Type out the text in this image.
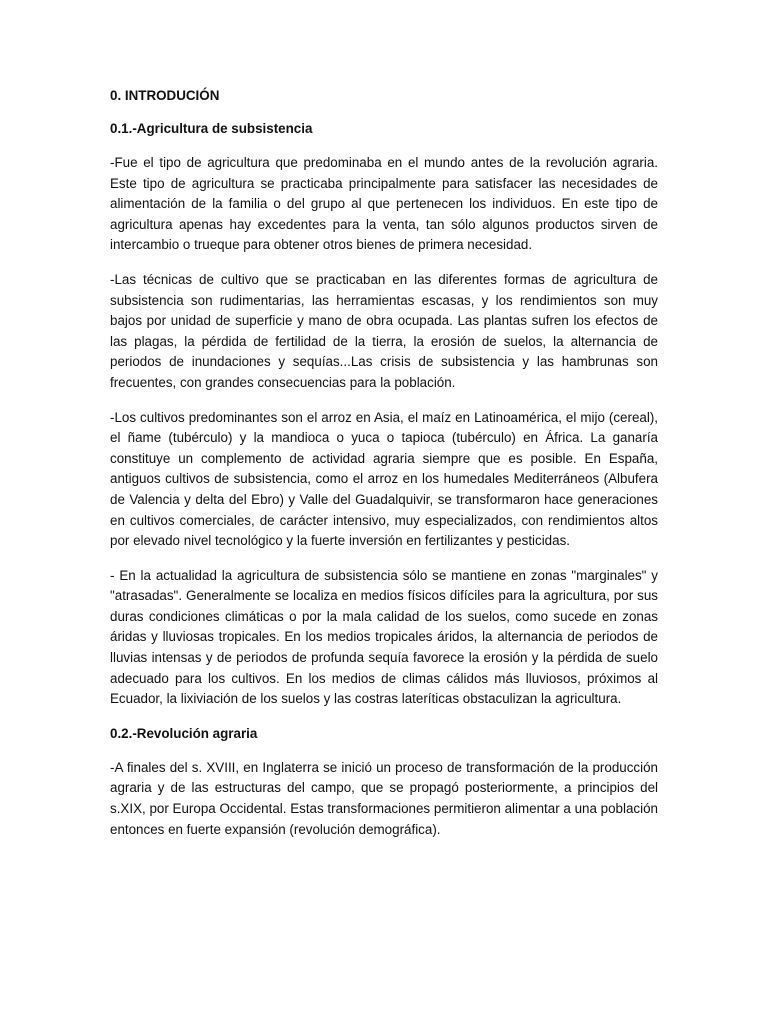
0. INTRODUCIÓN
0.1.-Agricultura de subsistencia

-Fue el tipo de agricultura que predominaba en el mundo antes de la revolución agraria. Este tipo de agricultura se practicaba principalmente para satisfacer las necesidades de alimentación de la familia o del grupo al que pertenecen los individuos. En este tipo de agricultura apenas hay excedentes para la venta, tan sólo algunos productos sirven de intercambio o trueque para obtener otros bienes de primera necesidad.

-Las técnicas de cultivo que se practicaban en las diferentes formas de agricultura de subsistencia son rudimentarias, las herramientas escasas, y los rendimientos son muy bajos por unidad de superficie y mano de obra ocupada. Las plantas sufren los efectos de las plagas, la pérdida de fertilidad de la tierra, la erosión de suelos, la alternancia de periodos de inundaciones y sequías...Las crisis de subsistencia y las hambrunas son frecuentes, con grandes consecuencias para la población.

-Los cultivos predominantes son el arroz en Asia, el maíz en Latinoamérica, el mijo (cereal), el ñame (tubérculo) y la mandioca o yuca o tapioca (tubérculo) en África. La ganaría constituye un complemento de actividad agraria siempre que es posible. En España, antiguos cultivos de subsistencia, como el arroz en los humedales Mediterráneos (Albufera de Valencia y delta del Ebro) y Valle del Guadalquivir, se transformaron hace generaciones en cultivos comerciales, de carácter intensivo, muy especializados, con rendimientos altos por elevado nivel tecnológico y la fuerte inversión en fertilizantes y pesticidas.

- En la actualidad la agricultura de subsistencia sólo se mantiene en zonas "marginales" y "atrasadas". Generalmente se localiza en medios físicos difíciles para la agricultura, por sus duras condiciones climáticas o por la mala calidad de los suelos, como sucede en zonas áridas y lluviosas tropicales. En los medios tropicales áridos, la alternancia de periodos de lluvias intensas y de periodos de profunda sequía favorece la erosión y la pérdida de suelo adecuado para los cultivos. En los medios de climas cálidos más lluviosos, próximos al Ecuador, la lixiviación de los suelos y las costras lateríticas obstaculizan la agricultura.

0.2.-Revolución agraria

-A finales del s. XVIII, en Inglaterra se inició un proceso de transformación de la producción agraria y de las estructuras del campo, que se propagó posteriormente, a principios del s.XIX, por Europa Occidental. Estas transformaciones permitieron alimentar a una población entonces en fuerte expansión (revolución demográfica).
